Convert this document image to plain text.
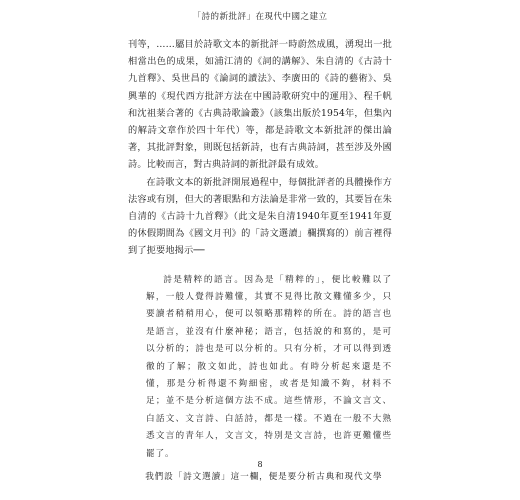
「詩的新批評」在現代中國之建立

刊等，……屬目於詩歌文本的新批評一時蔚然成風，湧現出一批相當出色的成果，如浦江清的《詞的講解》、朱自清的《古詩十九首釋》、吳世昌的《論詞的讀法》、李廣田的《詩的藝術》、吳興華的《現代西方批評方法在中國詩歌研究中的運用》、程千帆和沈祖棻合著的《古典詩歌論叢》（該集出版於1954年，但集內的解詩文章作於四十年代）等，都是詩歌文本新批評的傑出論著，其批評對象，則既包括新詩，也有古典詩詞，甚至涉及外國詩。比較而言，對古典詩詞的新批評最有成效。

在詩歌文本的新批評開展過程中，每個批評者的具體操作方法容或有別，但大的著眼點和方法論是非常一致的，其要旨在朱自清的《古詩十九首釋》（此文是朱自清1940年夏至1941年夏的休假期間為《國文月刊》的「詩文選讀」欄撰寫的）前言裡得到了扼要地揭示──

詩是精粹的語言。因為是「精粹的」，便比較難以了解，一般人覺得詩難懂，其實不見得比散文難懂多少，只要讀者稍稍用心，便可以領略那精粹的所在。詩的語言也是語言，並沒有什麼神秘；語言，包括說的和寫的，是可以分析的；詩也是可以分析的。只有分析，才可以得到透徹的了解；散文如此，詩也如此。有時分析起來還是不懂，那是分析得還不夠細密，或者是知識不夠，材料不足；並不是分析這個方法不成。這些情形，不論文言文、白話文、文言詩、白話詩，都是一樣。不過在一般不大熟悉文言的青年人，文言文，特別是文言詩，也許更難懂些罷了。
我們設「詩文選讀」這一欄，便是要分析古典和現代文學
8
